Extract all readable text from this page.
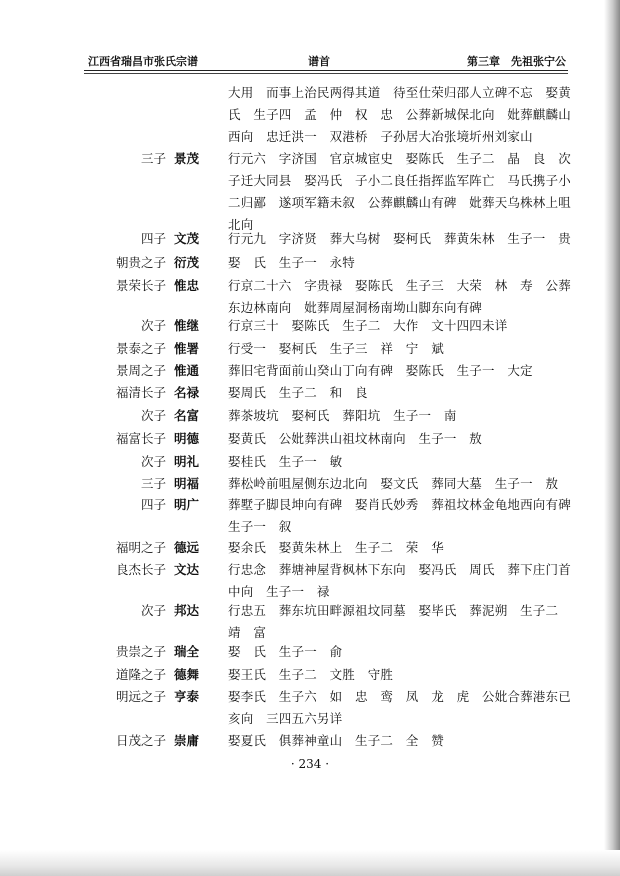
江西省瑞昌市张氏宗谱	谱首	第三章　先祖张宁公
大用　而事上治民两得其道　待至仕荣归邵人立碑不忘　娶黄氏　生子四　孟　仲　权　忠　公葬新城保北向　妣葬麒麟山西向　忠迁洪一　双港桥　子孙居大冶张境圻州刘家山
三子 景茂	行元六　字济国　官京城宦史　娶陈氏　生子二　晶　良　次子迁大同县　娶冯氏　子小二良任指挥监军阵亡　马氏携子小二归鄙　遂项军籍未叙　公葬麒麟山有碑　妣葬天乌株林上咀北向
四子 文茂	行元九　字济贤　葬大乌树　娶柯氏　葬黄朱林　生子一　贵
朝贵之子 衍茂	娶　氏　生子一　永特
景荣长子 惟忠	行京二十六　字贵禄　娶陈氏　生子三　大荣　林　寿　公葬东边林南向　妣葬周屋洞杨南坳山脚东向有碑
次子 惟继	行京三十　娶陈氏　生子二　大作　文十四四未详
景泰之子 惟署	行受一　娶柯氏　生子三　祥　宁　斌
景周之子 惟通	葬旧宅背面前山癸山丁向有碑　娶陈氏　生子一　大定
福清长子 名禄	娶周氏　生子二　和　良
次子 名富	葬茶坡坑　娶柯氏　葬阳坑　生子一　南
福富长子 明德	娶黄氏　公妣葬洪山祖坟林南向　生子一　敖
次子 明礼	娶桂氏　生子一　敏
三子 明福	葬松岭前咀屋侧东边北向　娶文氏　葬同大墓　生子一　敖
四子 明广	葬墅子脚艮坤向有碑　娶肖氏妙秀　葬祖坟林金龟地西向有碑　生子一　叙
福明之子 德远	娶余氏　娶黄朱林上　生子二　荣　华
良杰长子 文达	行忠念　葬塘神屋背枫林下东向　娶冯氏　周氏　葬下庄门首中向　生子一　禄
次子 邦达	行忠五　葬东坑田畔源祖坟同墓　娶毕氏　葬泥朔　生子二　靖　富
贵崇之子 瑞全	娶　氏　生子一　俞
道隆之子 德舞	娶王氏　生子二　文胜　守胜
明远之子 亨泰	娶李氏　生子六　如　忠　鸾　凤　龙　虎　公妣合葬港东已亥向　三四五六另详
日茂之子 崇庸	娶夏氏　俱葬神童山　生子二　全　赞
· 234 ·
